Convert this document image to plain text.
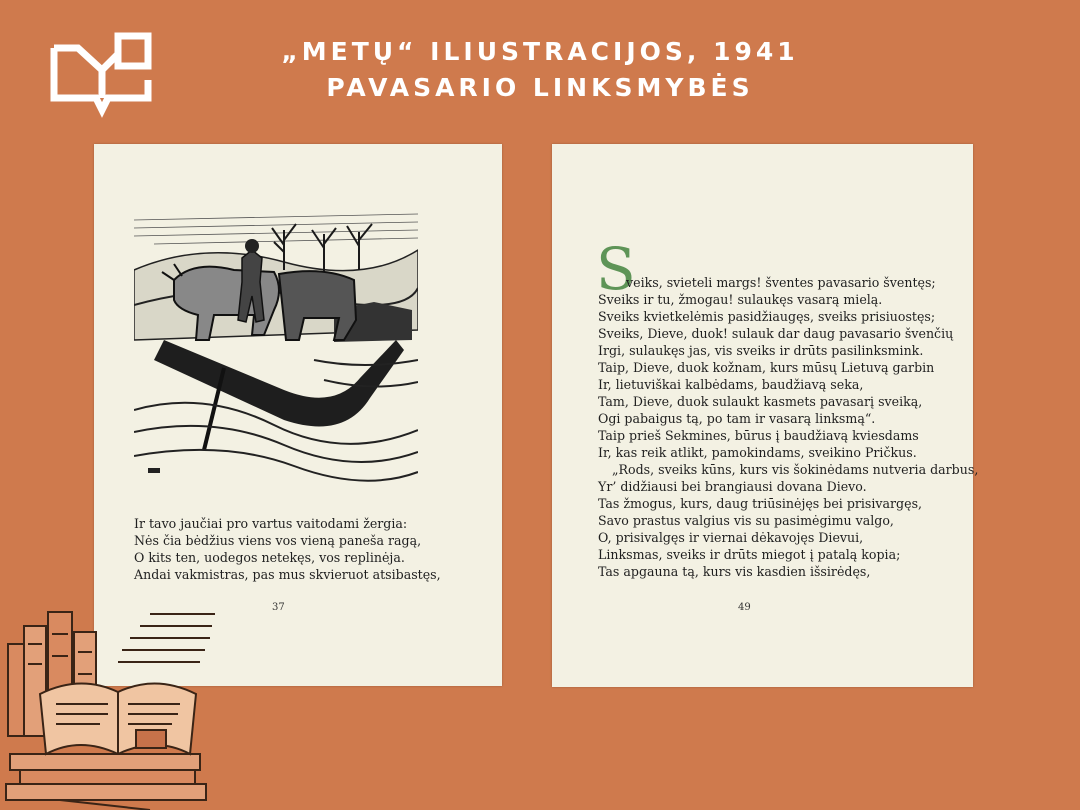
„METŲ“ ILIUSTRACIJOS, 1941
PAVASARIO LINKSMYBĖS
Ir tavo jaučiai pro vartus vaitodami žergia:
Nės čia bėdžius viens vos vieną paneša ragą,
O kits ten, uodegos netekęs, vos replinėja.
Andai vakmistras, pas mus skvieruot atsibastęs,
37
S
veiks, svieteli margs! šventes pavasario šventęs;
Sveiks ir tu, žmogau! sulaukęs vasarą mielą.
Sveiks kvietkelėmis pasidžiaugęs, sveiks prisiuostęs;
Sveiks, Dieve, duok! sulauk dar daug pavasario švenčių
Irgi, sulaukęs jas, vis sveiks ir drūts pasilinksmink.
Taip, Dieve, duok kožnam, kurs mūsų Lietuvą garbin
Ir, lietuviškai kalbėdams, baudžiavą seka,
Tam, Dieve, duok sulaukt kasmets pavasarį sveiką,
Ogi pabaigus tą, po tam ir vasarą linksmą“.
Taip prieš Sekmines, būrus į baudžiavą kviesdams
Ir, kas reik atlikt, pamokindams, sveikino Pričkus.
„Rods, sveiks kūns, kurs vis šokinėdams nutveria darbus,
Yr’ didžiausi bei brangiausi dovana Dievo.
Tas žmogus, kurs, daug triūsinėjęs bei prisivargęs,
Savo prastus valgius vis su pasimėgimu valgo,
O, prisivalgęs ir viernai dėkavojęs Dievui,
Linksmas, sveiks ir drūts miegot į patalą kopia;
Tas apgauna tą, kurs vis kasdien išsirėdęs,
49
